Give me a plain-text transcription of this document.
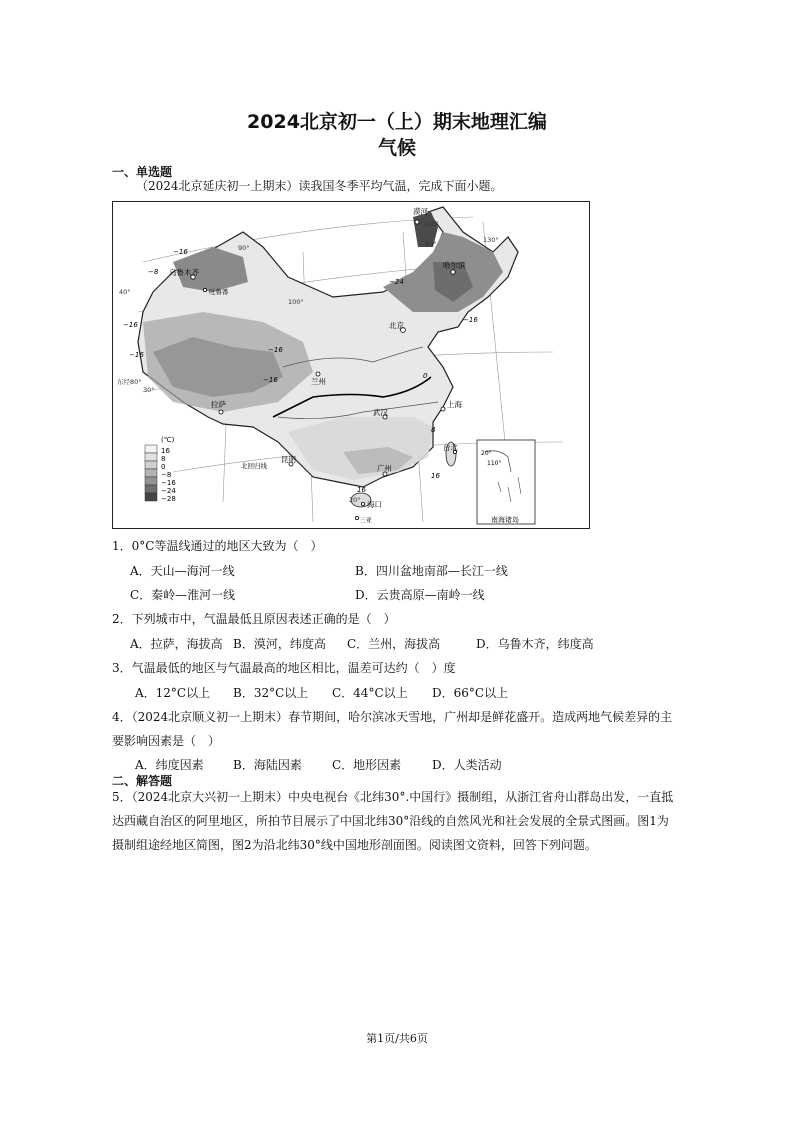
2024北京初一（上）期末地理汇编
气候
一、单选题
（2024北京延庆初一上期末）读我国冬季平均气温，完成下面小题。
(℃)
16
8
0
−8
−16
−24
−28
南海诸岛
20°
110°
漠河
哈尔滨
乌鲁木齐
吐鲁番
北京
兰州
拉萨	上海
武汉
昆明
台北
广州
海口
三亚
北回归线
90°
100°
120°
130°
40°
30°
50°
20°
东经80°
−16
−8
−16
−16
−16
−16
−24
−16
0
8
16
16
1．0°C等温线通过的地区大致为（　）
A．天山—海河一线	B．四川盆地南部—长江一线
C．秦岭—淮河一线	D．云贵高原—南岭一线
2．下列城市中，气温最低且原因表述正确的是（　）
A．拉萨，海拔高 B．漠河，纬度高 C．兰州，海拔高	D．乌鲁木齐，纬度高
3．气温最低的地区与气温最高的地区相比，温差可达约（　）度
A．12°C以上 B．32°C以上 C．44°C以上 D．66°C以上
4．（2024北京顺义初一上期末）春节期间，哈尔滨冰天雪地，广州却是鲜花盛开。造成两地气候差异的主
要影响因素是（　）
A．纬度因素 B．海陆因素	C．地形因素	D．人类活动
二、解答题
5．（2024北京大兴初一上期末）中央电视台《北纬30°.中国行》摄制组，从浙江省舟山群岛出发，一直抵
达西藏自治区的阿里地区，所拍节目展示了中国北纬30°沿线的自然风光和社会发展的全景式图画。图1为
摄制组途经地区简图，图2为沿北纬30°线中国地形剖面图。阅读图文资料，回答下列问题。
第1页/共6页
